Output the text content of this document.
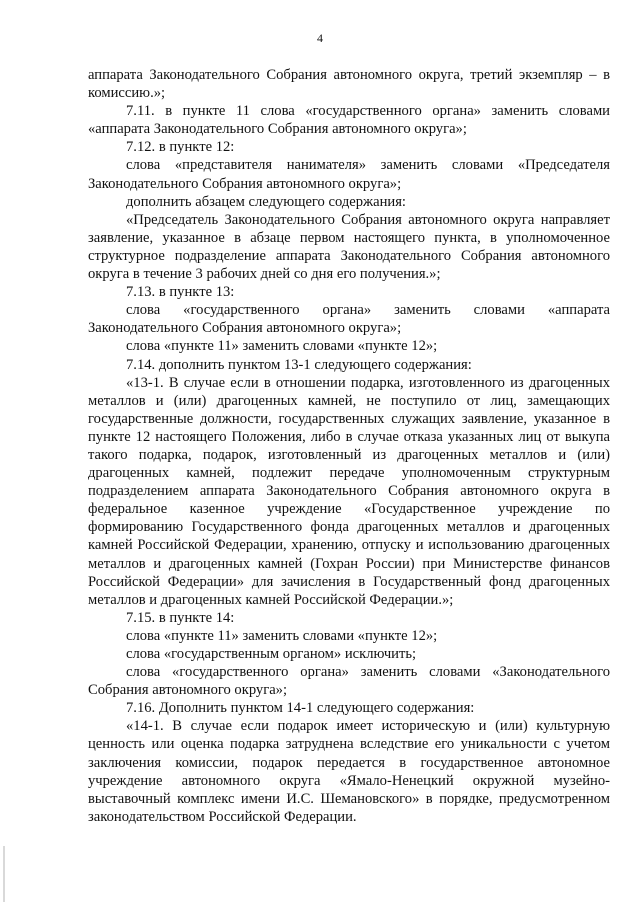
4

аппарата Законодательного Собрания автономного округа, третий экземпляр – в комиссию.»;

7.11. в пункте 11 слова «государственного органа» заменить словами «аппарата Законодательного Собрания автономного округа»;

7.12. в пункте 12:

слова «представителя нанимателя» заменить словами «Председателя Законодательного Собрания автономного округа»;

дополнить абзацем следующего содержания:

«Председатель Законодательного Собрания автономного округа направляет заявление, указанное в абзаце первом настоящего пункта, в уполномоченное структурное подразделение аппарата Законодательного Собрания автономного округа в течение 3 рабочих дней со дня его получения.»;

7.13. в пункте 13:

слова «государственного органа» заменить словами «аппарата Законодательного Собрания автономного округа»;

слова «пункте 11» заменить словами «пункте 12»;

7.14. дополнить пунктом 13-1 следующего содержания:

«13-1. В случае если в отношении подарка, изготовленного из драгоценных металлов и (или) драгоценных камней, не поступило от лиц, замещающих государственные должности, государственных служащих заявление, указанное в пункте 12 настоящего Положения, либо в случае отказа указанных лиц от выкупа такого подарка, подарок, изготовленный из драгоценных металлов и (или) драгоценных камней, подлежит передаче уполномоченным структурным подразделением аппарата Законодательного Собрания автономного округа в федеральное казенное учреждение «Государственное учреждение по формированию Государственного фонда драгоценных металлов и драгоценных камней Российской Федерации, хранению, отпуску и использованию драгоценных металлов и драгоценных камней (Гохран России) при Министерстве финансов Российской Федерации» для зачисления в Государственный фонд драгоценных металлов и драгоценных камней Российской Федерации.»;

7.15. в пункте 14:

слова «пункте 11» заменить словами «пункте 12»;

слова «государственным органом» исключить;

слова «государственного органа» заменить словами «Законодательного Собрания автономного округа»;

7.16. Дополнить пунктом 14-1 следующего содержания:

«14-1. В случае если подарок имеет историческую и (или) культурную ценность или оценка подарка затруднена вследствие его уникальности с учетом заключения комиссии, подарок передается в государственное автономное учреждение автономного округа «Ямало-Ненецкий окружной музейно-выставочный комплекс имени И.С. Шемановского» в порядке, предусмотренном законодательством Российской Федерации.
